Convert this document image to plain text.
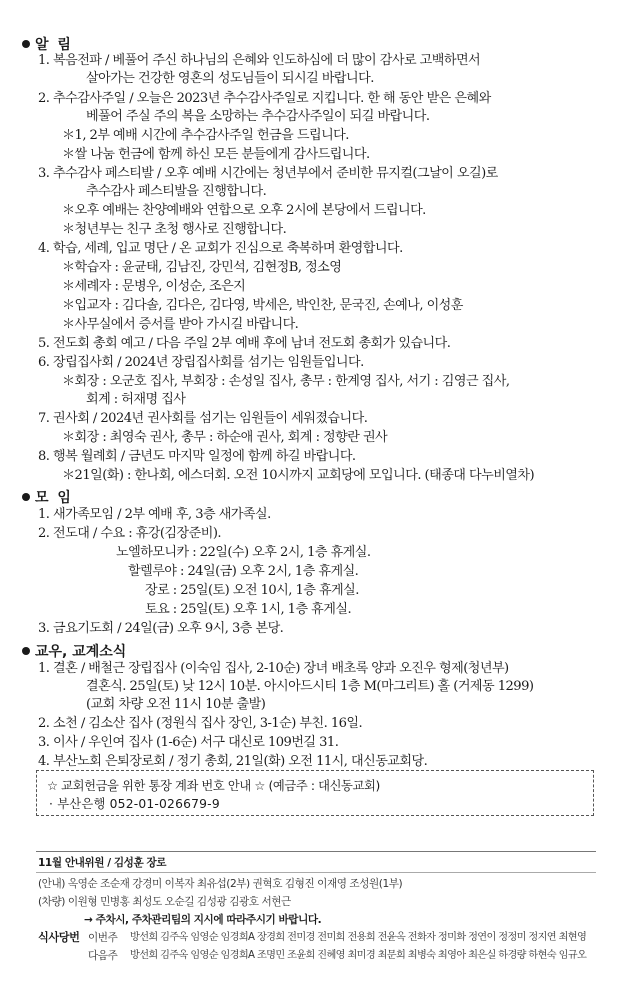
알 림
1. 복음전파 / 베풀어 주신 하나님의 은혜와 인도하심에 더 많이 감사로 고백하면서
살아가는 건강한 영혼의 성도님들이 되시길 바랍니다.
2. 추수감사주일 / 오늘은 2023년 추수감사주일로 지킵니다. 한 해 동안 받은 은혜와
베풀어 주실 주의 복을 소망하는 추수감사주일이 되길 바랍니다.
＊1, 2부 예배 시간에 추수감사주일 헌금을 드립니다.
＊쌀 나눔 헌금에 함께 하신 모든 분들에게 감사드립니다.
3. 추수감사 페스티발 / 오후 예배 시간에는 청년부에서 준비한 뮤지컬(그날이 오길)로
추수감사 페스티발을 진행합니다.
＊오후 예배는 찬양예배와 연합으로 오후 2시에 본당에서 드립니다.
＊청년부는 친구 초청 행사로 진행합니다.
4. 학습, 세례, 입교 명단 / 온 교회가 진심으로 축복하며 환영합니다.
＊학습자 : 윤균태, 김남진, 강민석, 김현정B, 정소영
＊세례자 : 문병우, 이성순, 조은지
＊입교자 : 김다솔, 김다은, 김다영, 박세은, 박인찬, 문국진, 손예나, 이성훈
＊사무실에서 증서를 받아 가시길 바랍니다.
5. 전도회 총회 예고 / 다음 주일 2부 예배 후에 남녀 전도회 총회가 있습니다.
6. 장립집사회 / 2024년 장립집사회를 섬기는 임원들입니다.
＊회장 : 오군호 집사, 부회장 : 손성일 집사, 총무 : 한계영 집사, 서기 : 김영근 집사,
회계 : 허재명 집사
7. 권사회 / 2024년 권사회를 섬기는 임원들이 세워졌습니다.
＊회장 : 최영숙 권사, 총무 : 하순애 권사, 회계 : 정향란 권사
8. 행복 월례회 / 금년도 마지막 일정에 함께 하길 바랍니다.
＊21일(화) : 한나회, 에스더회. 오전 10시까지 교회당에 모입니다. (태종대 다누비열차)
모 임
1. 새가족모임 / 2부 예배 후, 3층 새가족실.
2. 전도대 / 수요 : 휴강(김장준비).
노엘하모니카 : 22일(수) 오후 2시, 1층 휴게실.
할렐루야 : 24일(금) 오후 2시, 1층 휴게실.
장로 : 25일(토) 오전 10시, 1층 휴게실.
토요 : 25일(토) 오후 1시, 1층 휴게실.
3. 금요기도회 / 24일(금) 오후 9시, 3층 본당.
교우, 교계소식
1. 결혼 / 배철근 장립집사 (이숙임 집사, 2-10순) 장녀 배초록 양과 오진우 형제(청년부)
결혼식. 25일(토) 낮 12시 10분. 아시아드시티 1층 M(마그리트) 홀 (거제동 1299)
(교회 차량 오전 11시 10분 출발)
2. 소천 / 김소산 집사 (정원식 집사 장인, 3-1순) 부친. 16일.
3. 이사 / 우인여 집사 (1-6순) 서구 대신로 109번길 31.
4. 부산노회 은퇴장로회 / 정기 총회, 21일(화) 오전 11시, 대신동교회당.
☆ 교회헌금을 위한 통장 계좌 번호 안내 ☆ (예금주 : 대신동교회)
· 부산은행 052-01-026679-9
11월 안내위원 / 김성훈 장로
(안내) 옥영순 조순재 강경미 이복자 최유섭(2부) 권혁호 김형진 이재영 조성원(1부)
(차량) 이원형 민병홍 최성도 오순길 김성광 김광호 서현근
→ 주차시, 주차관리팀의 지시에 따라주시기 바랍니다.
식사당번 이번주 방선희 김주옥 임영순 임경희A 장경희 전미경 전미희 전용희 전윤옥 전화자 정미화 정연이 정정미 정지연 최현영
다음주 방선희 김주옥 임영순 임경희A 조명민 조윤희 진혜영 최미경 최문희 최병숙 최영아 최은실 하경량 하현숙 임규오
